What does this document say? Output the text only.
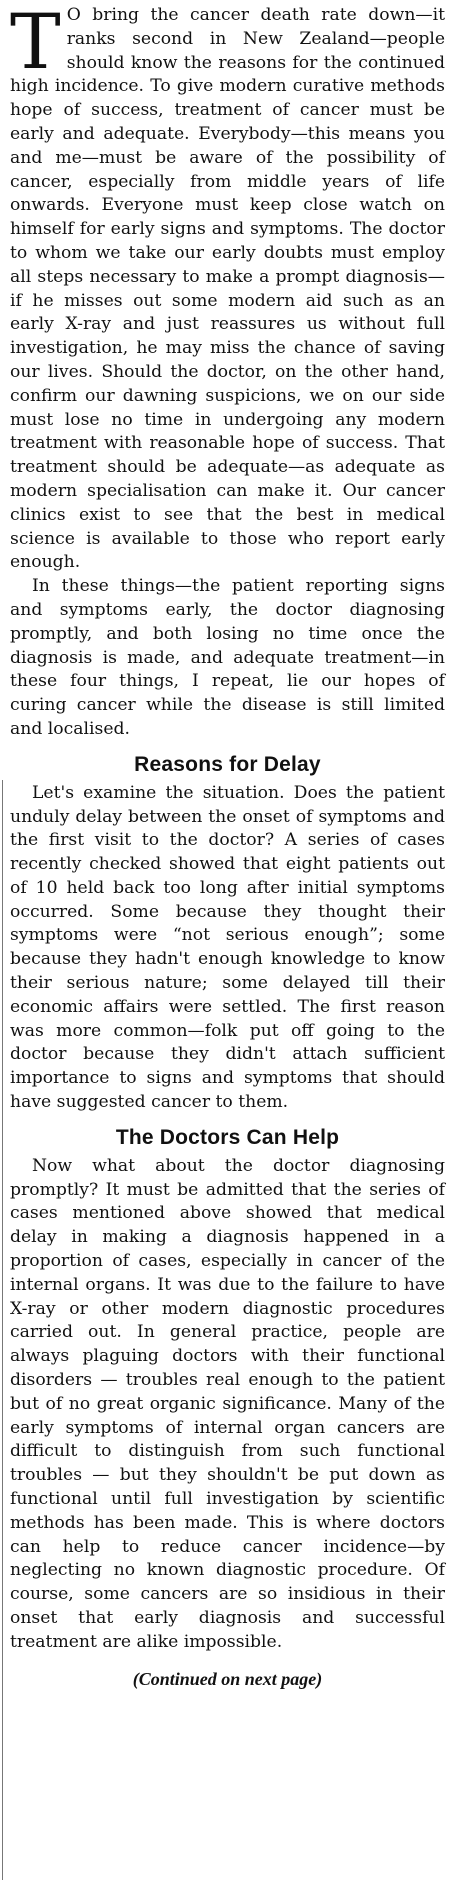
T O bring the cancer death rate down—it ranks second in New Zealand—people should know the reasons for the continued high incidence. To give modern curative methods hope of success, treatment of cancer must be early and adequate. Everybody—this means you and me—must be aware of the possibility of cancer, especially from middle years of life onwards. Everyone must keep close watch on himself for early signs and symptoms. The doctor to whom we take our early doubts must employ all steps necessary to make a prompt diagnosis—if he misses out some modern aid such as an early X-ray and just reassures us without full investigation, he may miss the chance of saving our lives. Should the doctor, on the other hand, confirm our dawning suspicions, we on our side must lose no time in undergoing any modern treatment with reasonable hope of success. That treatment should be adequate—as adequate as modern specialisation can make it. Our cancer clinics exist to see that the best in medical science is available to those who report early enough.

In these things—the patient reporting signs and symptoms early, the doctor diagnosing promptly, and both losing no time once the diagnosis is made, and adequate treatment—in these four things, I repeat, lie our hopes of curing cancer while the disease is still limited and localised.

Reasons for Delay

Let's examine the situation. Does the patient unduly delay between the onset of symptoms and the first visit to the doctor? A series of cases recently checked showed that eight patients out of 10 held back too long after initial symptoms occurred. Some because they thought their symptoms were “not serious enough”; some because they hadn't enough knowledge to know their serious nature; some delayed till their economic affairs were settled. The first reason was more common—folk put off going to the doctor because they didn't attach sufficient importance to signs and symptoms that should have suggested cancer to them.

The Doctors Can Help

Now what about the doctor diagnosing promptly? It must be admitted that the series of cases mentioned above showed that medical delay in making a diagnosis happened in a proportion of cases, especially in cancer of the internal organs. It was due to the failure to have X-ray or other modern diagnostic procedures carried out. In general practice, people are always plaguing doctors with their functional disorders — troubles real enough to the patient but of no great organic significance. Many of the early symptoms of internal organ cancers are difficult to distinguish from such functional troubles — but they shouldn't be put down as functional until full investigation by scientific methods has been made. This is where doctors can help to reduce cancer incidence—by neglecting no known diagnostic procedure. Of course, some cancers are so insidious in their onset that early diagnosis and successful treatment are alike impossible.

(Continued on next page)
